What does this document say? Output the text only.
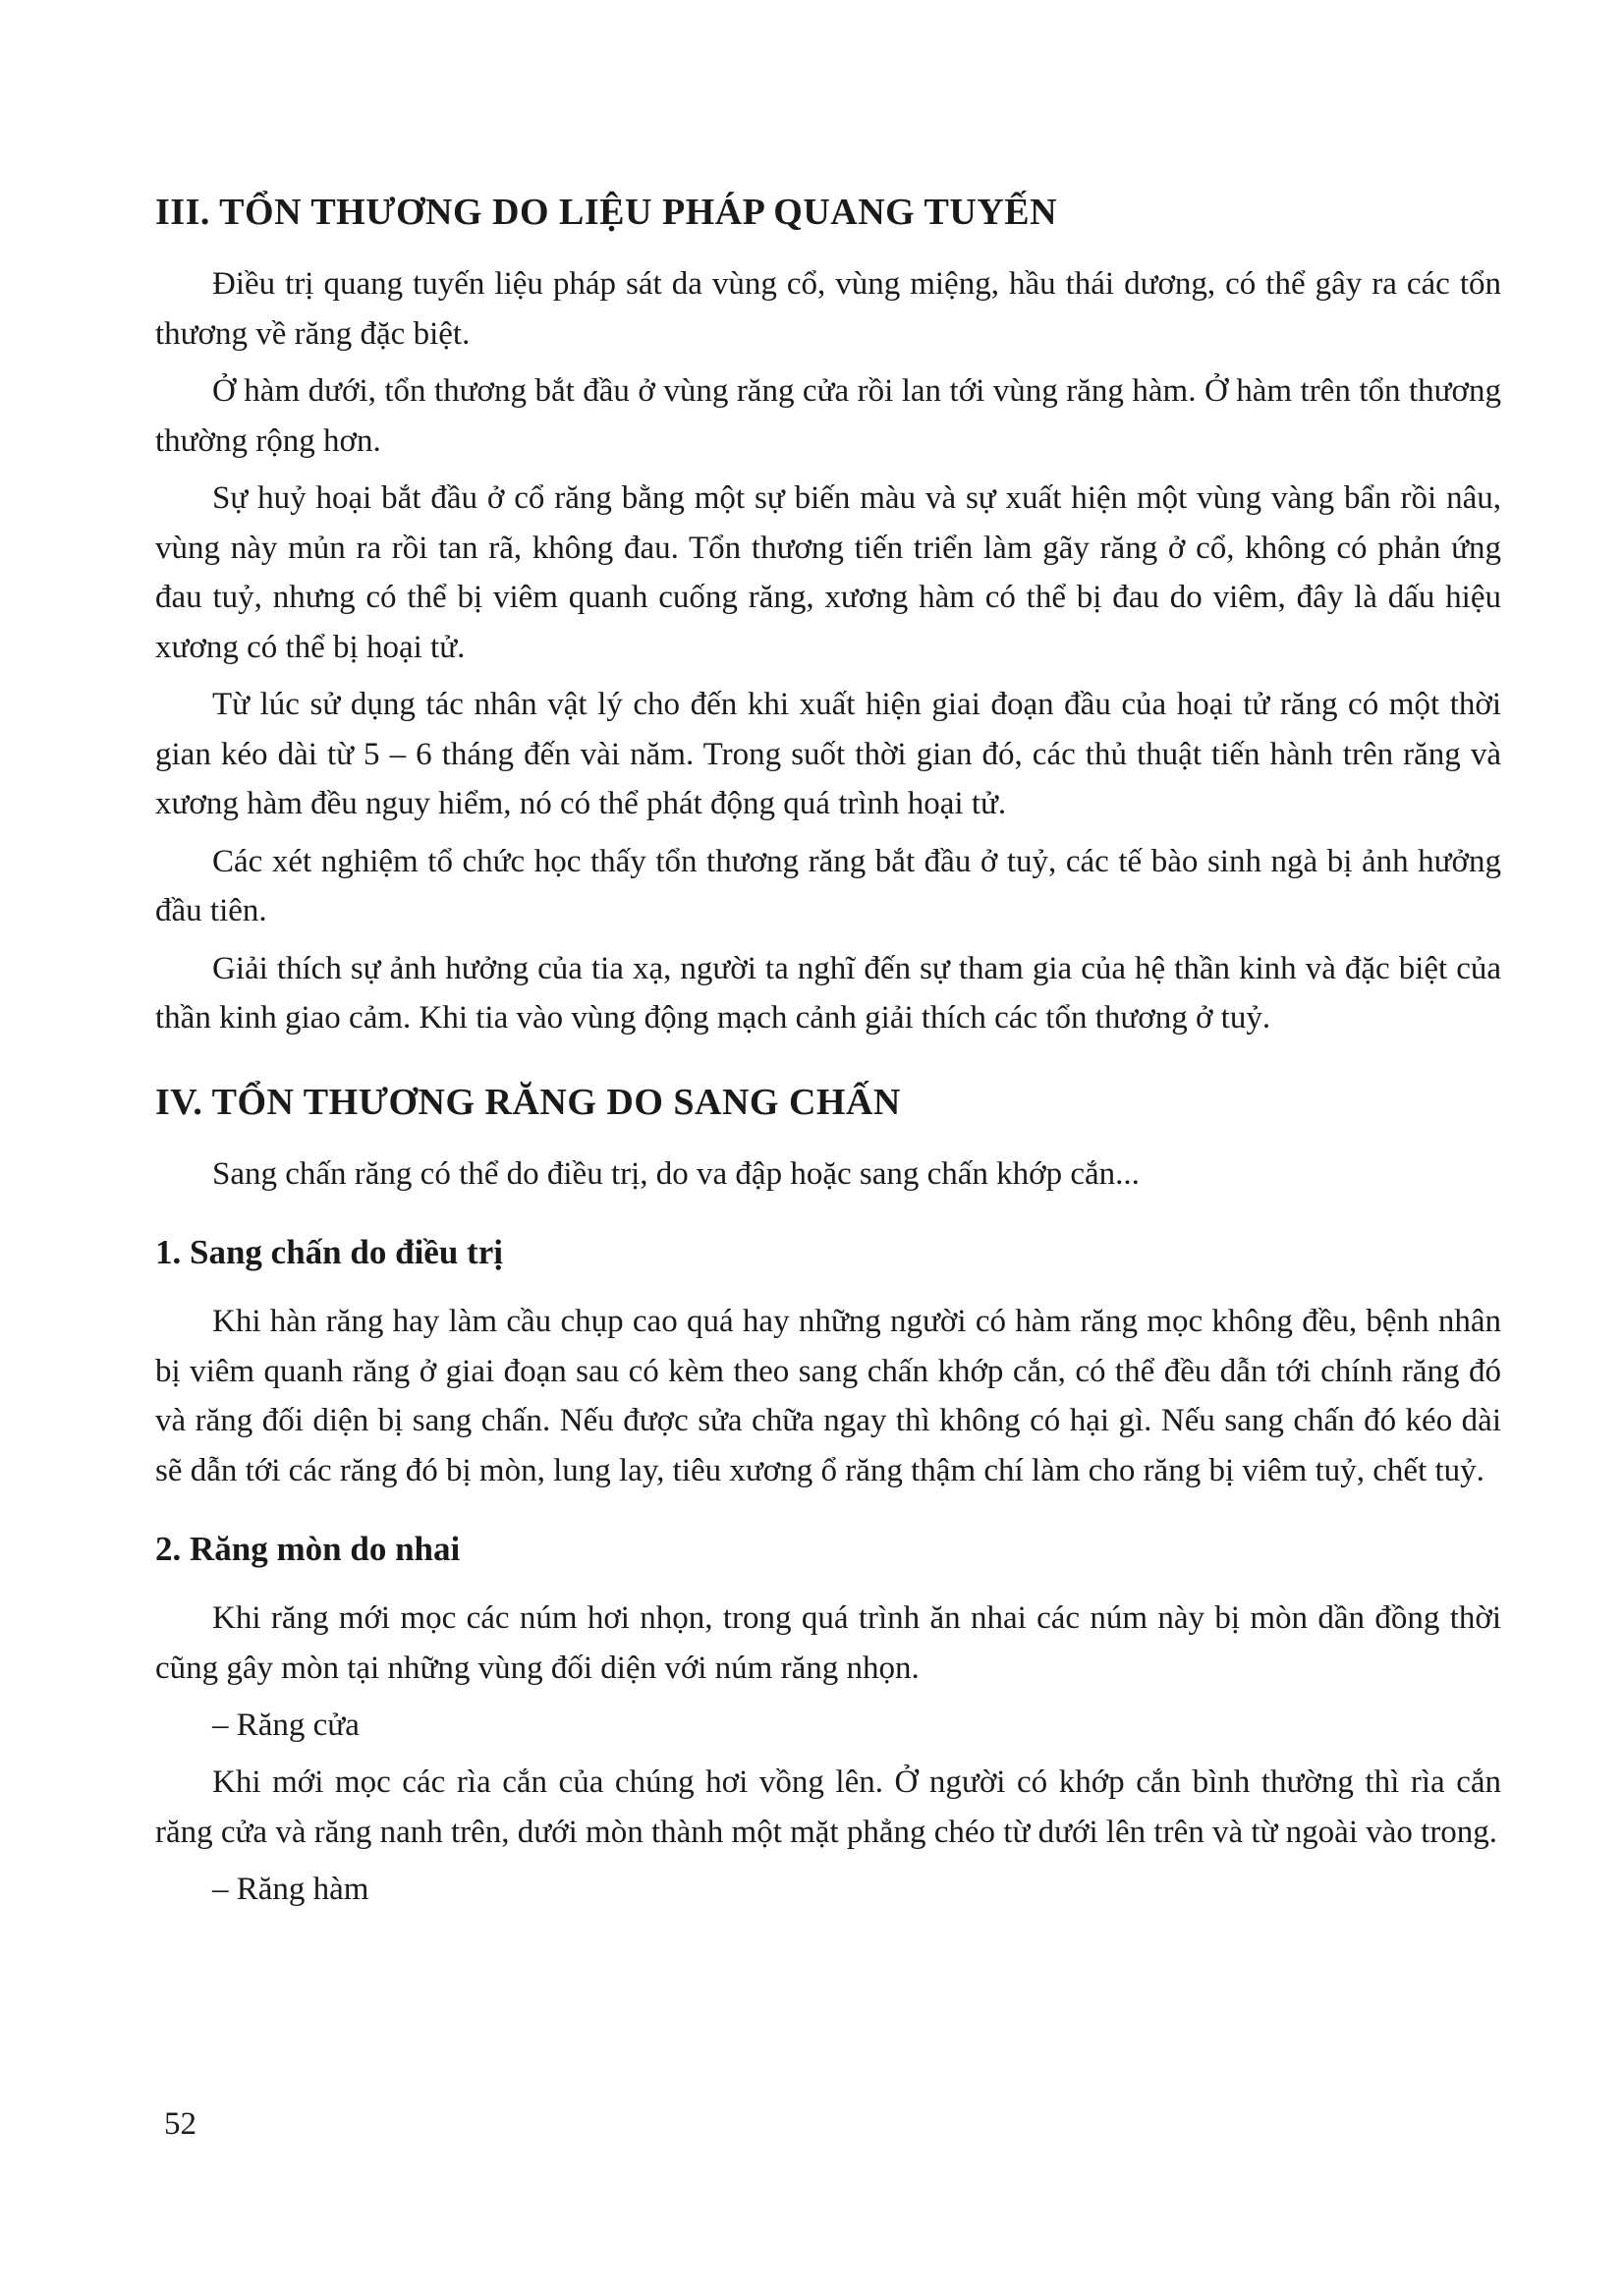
III. TỔN THƯƠNG DO LIỆU PHÁP QUANG TUYẾN

Điều trị quang tuyến liệu pháp sát da vùng cổ, vùng miệng, hầu thái dương, có thể gây ra các tổn thương về răng đặc biệt.

Ở hàm dưới, tổn thương bắt đầu ở vùng răng cửa rồi lan tới vùng răng hàm. Ở hàm trên tổn thương thường rộng hơn.

Sự huỷ hoại bắt đầu ở cổ răng bằng một sự biến màu và sự xuất hiện một vùng vàng bẩn rồi nâu, vùng này mủn ra rồi tan rã, không đau. Tổn thương tiến triển làm gãy răng ở cổ, không có phản ứng đau tuỷ, nhưng có thể bị viêm quanh cuống răng, xương hàm có thể bị đau do viêm, đây là dấu hiệu xương có thể bị hoại tử.

Từ lúc sử dụng tác nhân vật lý cho đến khi xuất hiện giai đoạn đầu của hoại tử răng có một thời gian kéo dài từ 5 – 6 tháng đến vài năm. Trong suốt thời gian đó, các thủ thuật tiến hành trên răng và xương hàm đều nguy hiểm, nó có thể phát động quá trình hoại tử.

Các xét nghiệm tổ chức học thấy tổn thương răng bắt đầu ở tuỷ, các tế bào sinh ngà bị ảnh hưởng đầu tiên.

Giải thích sự ảnh hưởng của tia xạ, người ta nghĩ đến sự tham gia của hệ thần kinh và đặc biệt của thần kinh giao cảm. Khi tia vào vùng động mạch cảnh giải thích các tổn thương ở tuỷ.

IV. TỔN THƯƠNG RĂNG DO SANG CHẤN

Sang chấn răng có thể do điều trị, do va đập hoặc sang chấn khớp cắn...

1. Sang chấn do điều trị

Khi hàn răng hay làm cầu chụp cao quá hay những người có hàm răng mọc không đều, bệnh nhân bị viêm quanh răng ở giai đoạn sau có kèm theo sang chấn khớp cắn, có thể đều dẫn tới chính răng đó và răng đối diện bị sang chấn. Nếu được sửa chữa ngay thì không có hại gì. Nếu sang chấn đó kéo dài sẽ dẫn tới các răng đó bị mòn, lung lay, tiêu xương ổ răng thậm chí làm cho răng bị viêm tuỷ, chết tuỷ.

2. Răng mòn do nhai

Khi răng mới mọc các núm hơi nhọn, trong quá trình ăn nhai các núm này bị mòn dần đồng thời cũng gây mòn tại những vùng đối diện với núm răng nhọn.

– Răng cửa

Khi mới mọc các rìa cắn của chúng hơi vồng lên. Ở người có khớp cắn bình thường thì rìa cắn răng cửa và răng nanh trên, dưới mòn thành một mặt phẳng chéo từ dưới lên trên và từ ngoài vào trong.

– Răng hàm

52
